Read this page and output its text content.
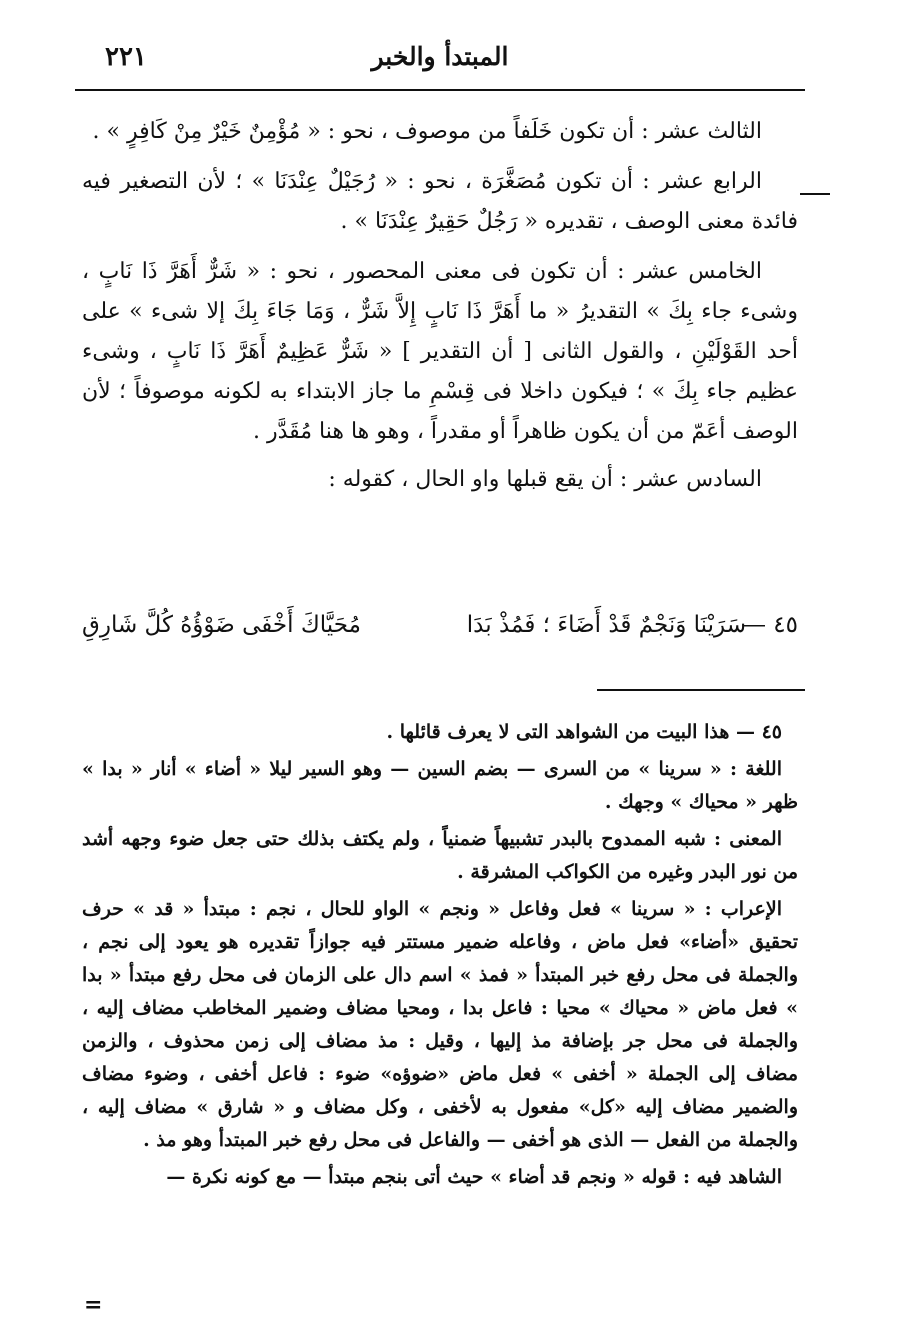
المبتدأ والخبر
٢٢١

الثالث عشر : أن تكون خَلَفاً من موصوف ، نحو : « مُؤْمِنٌ خَيْرٌ مِنْ كَافِرٍ » .

الرابع عشر : أن تكون مُصَغَّرَة ، نحو : « رُجَيْلٌ عِنْدَنَا » ؛ لأن التصغير فيه فائدة معنى الوصف ، تقديره « رَجُلٌ حَقِيرٌ عِنْدَنَا » .

الخامس عشر : أن تكون فى معنى المحصور ، نحو : « شَرٌّ أَهَرَّ ذَا نَابٍ ، وشىء جاء بِكَ » التقديرُ « ما أَهَرَّ ذَا نَابٍ إِلاَّ شَرٌّ ، وَمَا جَاءَ بِكَ إلا شىء » على أحد القَوْلَيْنِ ، والقول الثانى [ أن التقدير ] « شَرٌّ عَظِيمٌ أَهَرَّ ذَا نَابٍ ، وشىء عظيم جاء بِكَ » ؛ فيكون داخلا فى قِسْمِ ما جاز الابتداء به لكونه موصوفاً ؛ لأن الوصف أعَمّ من أن يكون ظاهراً أو مقدراً ، وهو ها هنا مُقَدَّر .

السادس عشر : أن يقع قبلها واو الحال ، كقوله :

٤٥ —
سَرَيْنَا وَنَجْمٌ قَدْ أَضَاءَ ؛ فَمُذْ بَدَا
مُحَيَّاكَ أَخْفَى ضَوْؤُهُ كُلَّ شَارِقِ

٤٥ — هذا البيت من الشواهد التى لا يعرف قائلها .

اللغة : « سرينا » من السرى — بضم السين — وهو السير ليلا « أضاء » أنار « بدا » ظهر « محياك » وجهك .

المعنى : شبه الممدوح بالبدر تشبيهاً ضمنياً ، ولم يكتف بذلك حتى جعل ضوء وجهه أشد من نور البدر وغيره من الكواكب المشرقة .

الإعراب : « سرينا » فعل وفاعل « ونجم » الواو للحال ، نجم : مبتدأ « قد » حرف تحقيق «أضاء» فعل ماض ، وفاعله ضمير مستتر فيه جوازاً تقديره هو يعود إلى نجم ، والجملة فى محل رفع خبر المبتدأ « فمذ » اسم دال على الزمان فى محل رفع مبتدأ « بدا » فعل ماض « محياك » محيا : فاعل بدا ، ومحيا مضاف وضمير المخاطب مضاف إليه ، والجملة فى محل جر بإضافة مذ إليها ، وقيل : مذ مضاف إلى زمن محذوف ، والزمن مضاف إلى الجملة « أخفى » فعل ماض «ضوؤه» ضوء : فاعل أخفى ، وضوء مضاف والضمير مضاف إليه «كل» مفعول به لأخفى ، وكل مضاف و « شارق » مضاف إليه ، والجملة من الفعل — الذى هو أخفى — والفاعل فى محل رفع خبر المبتدأ وهو مذ .

الشاهد فيه : قوله « ونجم قد أضاء » حيث أتى بنجم مبتدأ — مع كونه نكرة —

=
